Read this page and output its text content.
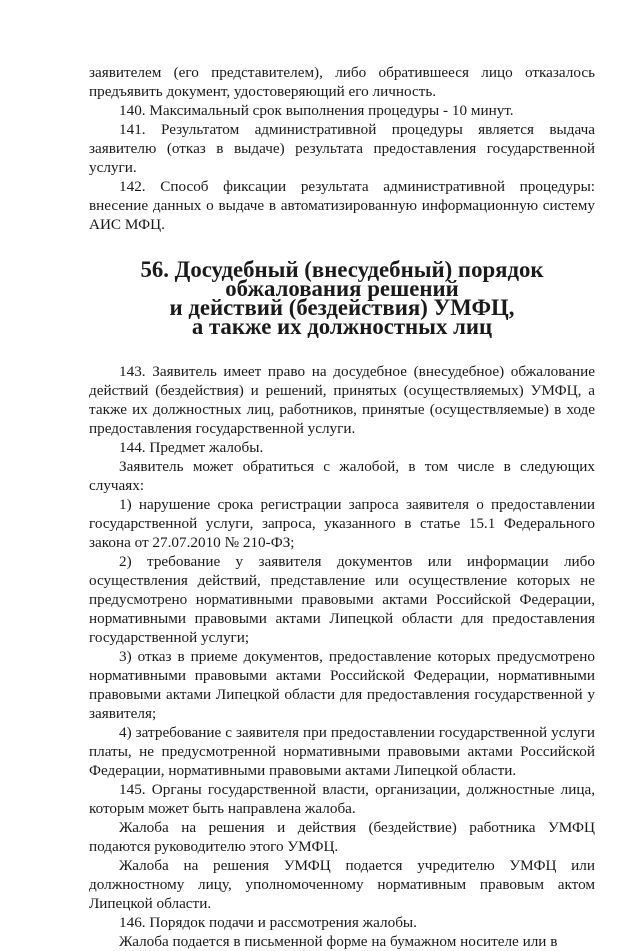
заявителем (его представителем), либо обратившееся лицо отказалось предъявить документ, удостоверяющий его личность.

140. Максимальный срок выполнения процедуры - 10 минут.

141. Результатом административной процедуры является выдача заявителю (отказ в выдаче) результата предоставления государственной услуги.

142. Способ фиксации результата административной процедуры: внесение данных о выдаче в автоматизированную информационную систему АИС МФЦ.

56. Досудебный (внесудебный) порядок обжалования решений
и действий (бездействия) УМФЦ,
а также их должностных лиц

143. Заявитель имеет право на досудебное (внесудебное) обжалование действий (бездействия) и решений, принятых (осуществляемых) УМФЦ, а также их должностных лиц, работников, принятые (осуществляемые) в ходе предоставления государственной услуги.

144. Предмет жалобы.

Заявитель может обратиться с жалобой, в том числе в следующих случаях:

1) нарушение срока регистрации запроса заявителя о предоставлении государственной услуги, запроса, указанного в статье 15.1 Федерального закона от 27.07.2010 № 210-ФЗ;

2) требование у заявителя документов или информации либо осуществления действий, представление или осуществление которых не предусмотрено нормативными правовыми актами Российской Федерации, нормативными правовыми актами Липецкой области для предоставления государственной услуги;

3) отказ в приеме документов, предоставление которых предусмотрено нормативными правовыми актами Российской Федерации, нормативными правовыми актами Липецкой области для предоставления государственной у заявителя;

4) затребование с заявителя при предоставлении государственной услуги платы, не предусмотренной нормативными правовыми актами Российской Федерации, нормативными правовыми актами Липецкой области.

145. Органы государственной власти, организации, должностные лица, которым может быть направлена жалоба.

Жалоба на решения и действия (бездействие) работника УМФЦ подаются руководителю этого УМФЦ.

Жалоба на решения УМФЦ подается учредителю УМФЦ или должностному лицу, уполномоченному нормативным правовым актом Липецкой области.

146. Порядок подачи и рассмотрения жалобы.

Жалоба подается в письменной форме на бумажном носителе или в
